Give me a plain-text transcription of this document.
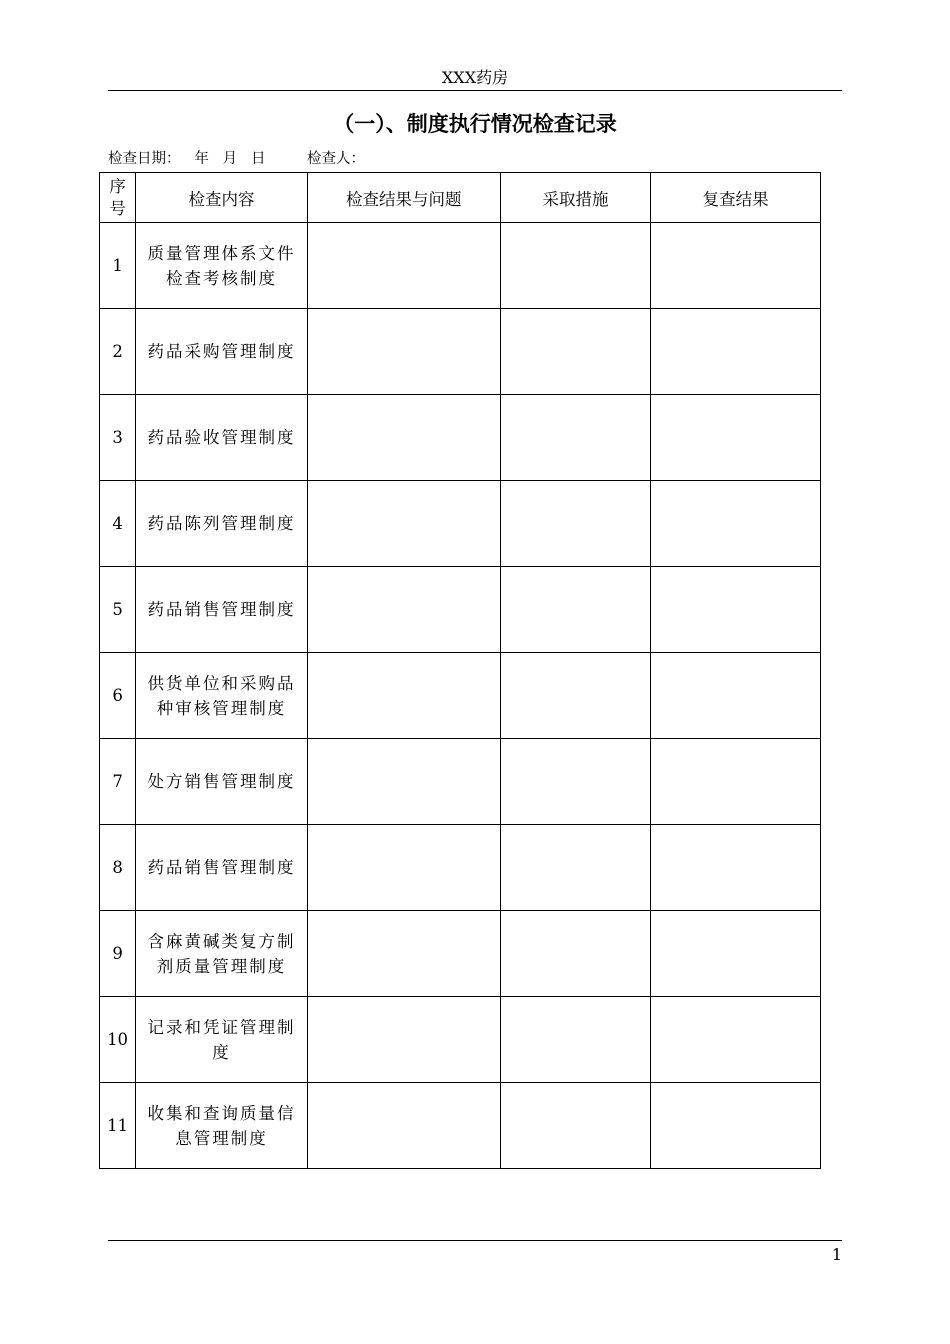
XXX药房
（一）、制度执行情况检查记录
检查日期： 年 月 日	检查人：
序号	检查内容	检查结果与问题	采取措施	复查结果
1	质量管理体系文件检查考核制度			
2	药品采购管理制度			
3	药品验收管理制度			
4	药品陈列管理制度			
5	药品销售管理制度			
6	供货单位和采购品种审核管理制度			
7	处方销售管理制度			
8	药品销售管理制度			
9	含麻黄碱类复方制剂质量管理制度			
10	记录和凭证管理制度			
11	收集和查询质量信息管理制度			
1
